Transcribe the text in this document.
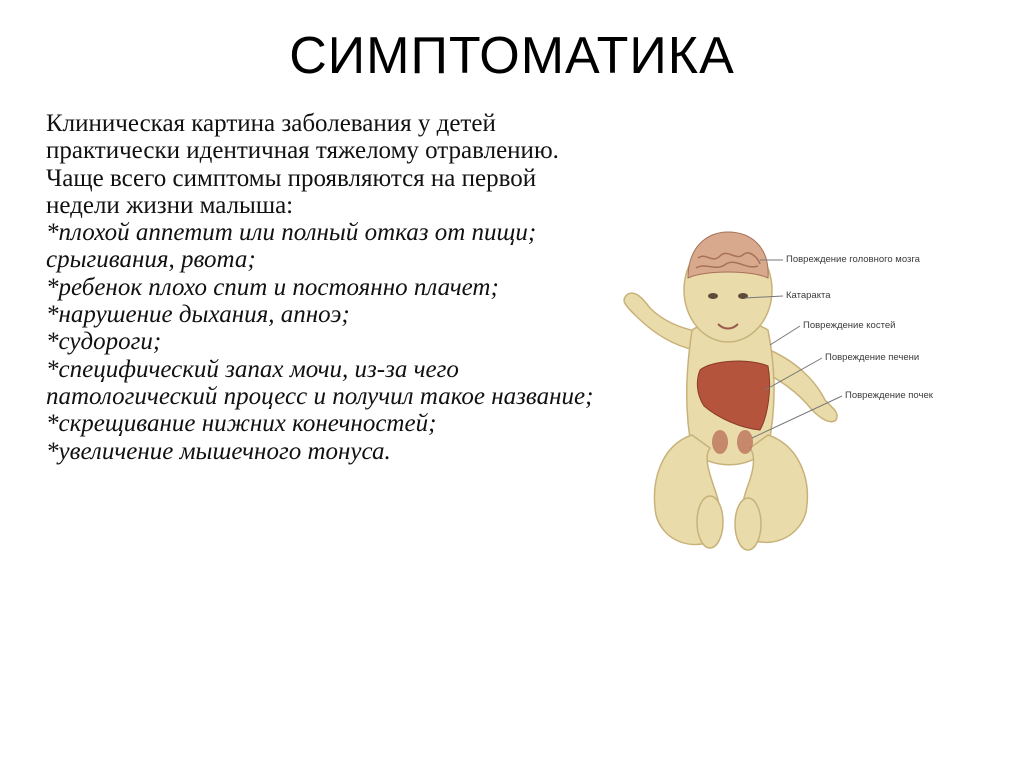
СИМПТОМАТИКА
Клиническая картина заболевания у детей практически идентичная тяжелому отравлению. Чаще всего симптомы проявляются на первой недели жизни малыша:
*плохой аппетит или полный отказ от пищи;
срыгивания, рвота;
*ребенок плохо спит и постоянно плачет;
*нарушение дыхания, апноэ;
*судороги;
*специфический запах мочи, из-за чего патологический процесс и получил такое название;
*скрещивание нижних конечностей;
*увеличение мышечного тонуса.
Повреждение головного мозга
Катаракта
Повреждение костей
Повреждение печени
Повреждение почек
